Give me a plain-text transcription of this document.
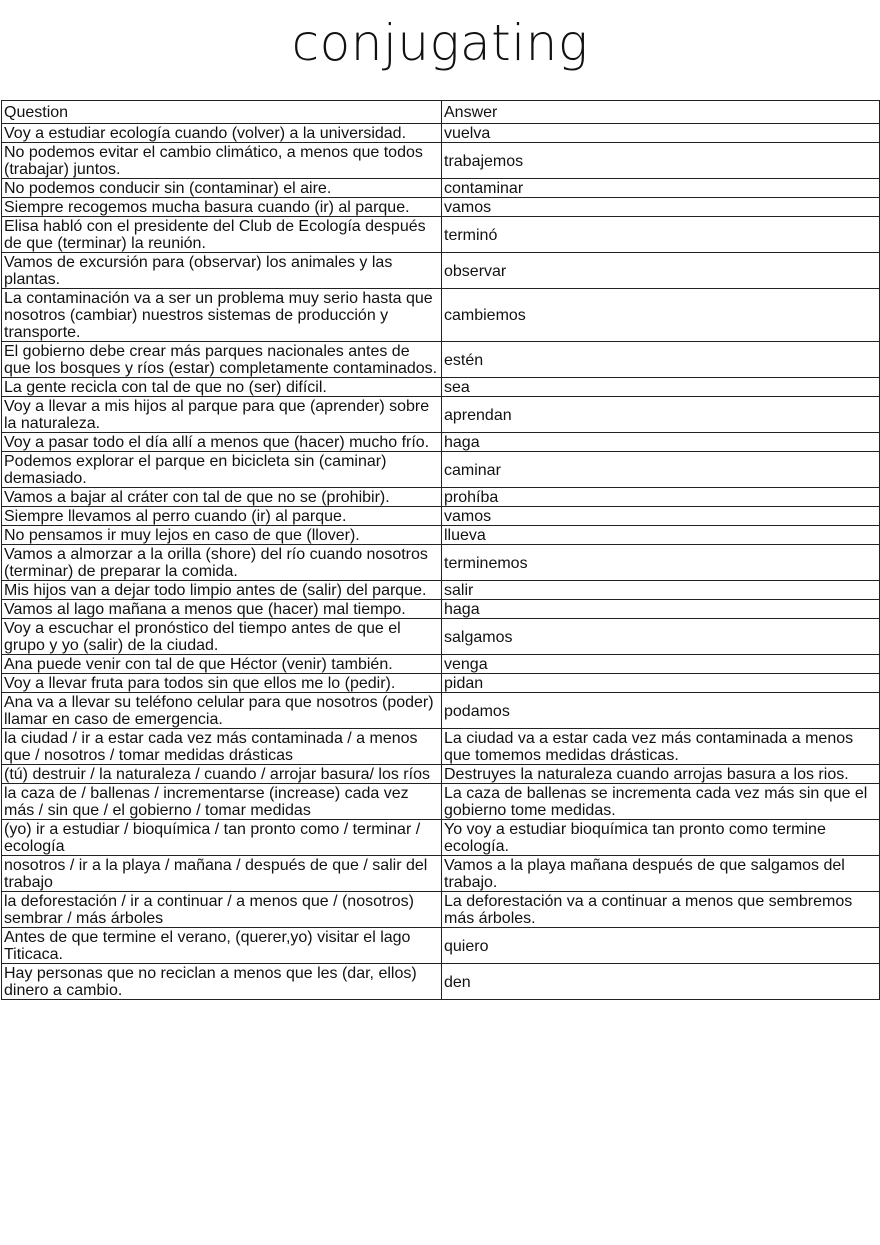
conjugating
Question	Answer
Voy a estudiar ecología cuando (volver) a la universidad.	vuelva
No podemos evitar el cambio climático, a menos que todos (trabajar) juntos.	trabajemos
No podemos conducir sin (contaminar) el aire.	contaminar
Siempre recogemos mucha basura cuando (ir) al parque.	vamos
Elisa habló con el presidente del Club de Ecología después de que (terminar) la reunión.	terminó
Vamos de excursión para (observar) los animales y las plantas.	observar
La contaminación va a ser un problema muy serio hasta que nosotros (cambiar) nuestros sistemas de producción y transporte.	cambiemos
El gobierno debe crear más parques nacionales antes de que los bosques y ríos (estar) completamente contaminados.	estén
La gente recicla con tal de que no (ser) difícil.	sea
Voy a llevar a mis hijos al parque para que (aprender) sobre la naturaleza.	aprendan
Voy a pasar todo el día allí a menos que (hacer) mucho frío.	haga
Podemos explorar el parque en bicicleta sin (caminar) demasiado.	caminar
Vamos a bajar al cráter con tal de que no se (prohibir).	prohíba
Siempre llevamos al perro cuando (ir) al parque.	vamos
No pensamos ir muy lejos en caso de que (llover).	llueva
Vamos a almorzar a la orilla (shore) del río cuando nosotros (terminar) de preparar la comida.	terminemos
Mis hijos van a dejar todo limpio antes de (salir) del parque.	salir
Vamos al lago mañana a menos que (hacer) mal tiempo.	haga
Voy a escuchar el pronóstico del tiempo antes de que el grupo y yo (salir) de la ciudad.	salgamos
Ana puede venir con tal de que Héctor (venir) también.	venga
Voy a llevar fruta para todos sin que ellos me lo (pedir).	pidan
Ana va a llevar su teléfono celular para que nosotros (poder) llamar en caso de emergencia.	podamos
la ciudad / ir a estar cada vez más contaminada / a menos que / nosotros / tomar medidas drásticas	La ciudad va a estar cada vez más contaminada a menos que tomemos medidas drásticas.
(tú) destruir / la naturaleza / cuando / arrojar basura/ los ríos	Destruyes la naturaleza cuando arrojas basura a los rios.
la caza de / ballenas / incrementarse (increase) cada vez más / sin que / el gobierno / tomar medidas	La caza de ballenas se incrementa cada vez más sin que el gobierno tome medidas.
(yo) ir a estudiar / bioquímica / tan pronto como / terminar / ecología	Yo voy a estudiar bioquímica tan pronto como termine ecología.
nosotros / ir a la playa / mañana / después de que / salir del trabajo	Vamos a la playa mañana después de que salgamos del trabajo.
la deforestación / ir a continuar / a menos que / (nosotros) sembrar / más árboles	La deforestación va a continuar a menos que sembremos más árboles.
Antes de que termine el verano, (querer,yo) visitar el lago Titicaca.	quiero
Hay personas que no reciclan a menos que les (dar, ellos) dinero a cambio.	den
